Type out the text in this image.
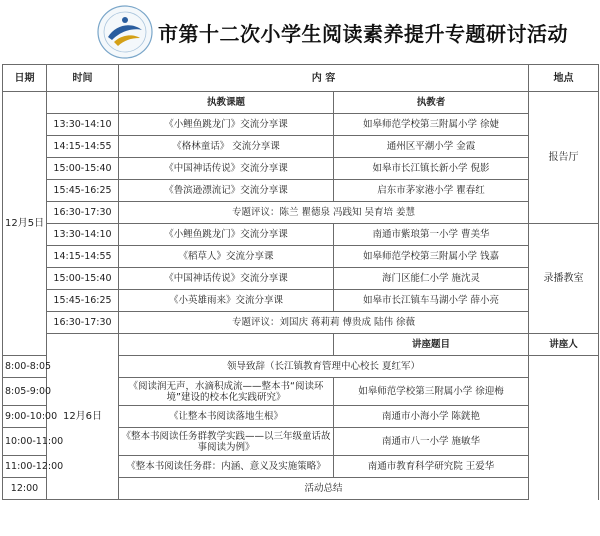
市第十二次小学生阅读素养提升专题研讨活动
日期	时间	内 容		地点	
12月5日		执教课题	执教者	报告厅	
	13:30-14:10	《小鲤鱼跳龙门》交流分享课	如皋师范学校第三附属小学 徐婕		
	14:15-14:55	《格林童话》 交流分享课	通州区平潮小学 金霞		
	15:00-15:40	《中国神话传说》交流分享课	如皋市长江镇长新小学 倪影		
	15:45-16:25	《鲁滨逊漂流记》交流分享课	启东市茅家港小学 瞿春红		
	16:30-17:30	专题评议：陈兰 瞿德泉 冯践知 吴育培 姜慧			
	13:30-14:10	《小鲤鱼跳龙门》交流分享课	南通市紫琅第一小学 曹美华	录播教室	
	14:15-14:55	《稻草人》交流分享课	如皋师范学校第三附属小学 钱嘉		
	15:00-15:40	《中国神话传说》交流分享课	海门区能仁小学 施沈灵		
	15:45-16:25	《小英雄雨来》交流分享课	如皋市长江镇车马湖小学 薛小亮		
	16:30-17:30	专题评议：刘国庆 蒋莉莉 傅贵成 陆伟 徐薇			
	12月6日		讲座题目	讲座人	
8:00-8:05		领导致辞（长江镇教育管理中心校长 夏红军）			
8:05-9:00		《阅读润无声，水滴积成流——整本书“阅读环境”建设的校本化实践研究》	如皋师范学校第三附属小学 徐迎梅		
9:00-10:00		《让整本书阅读落地生根》	南通市小海小学 陈銧艳		
10:00-11:00		《整本书阅读任务群教学实践——以三年级童话故事阅读为例》	南通市八一小学 施敏华		
11:00-12:00		《整本书阅读任务群：内涵、意义及实施策略》	南通市教育科学研究院 王爱华		
12:00		活动总结			
